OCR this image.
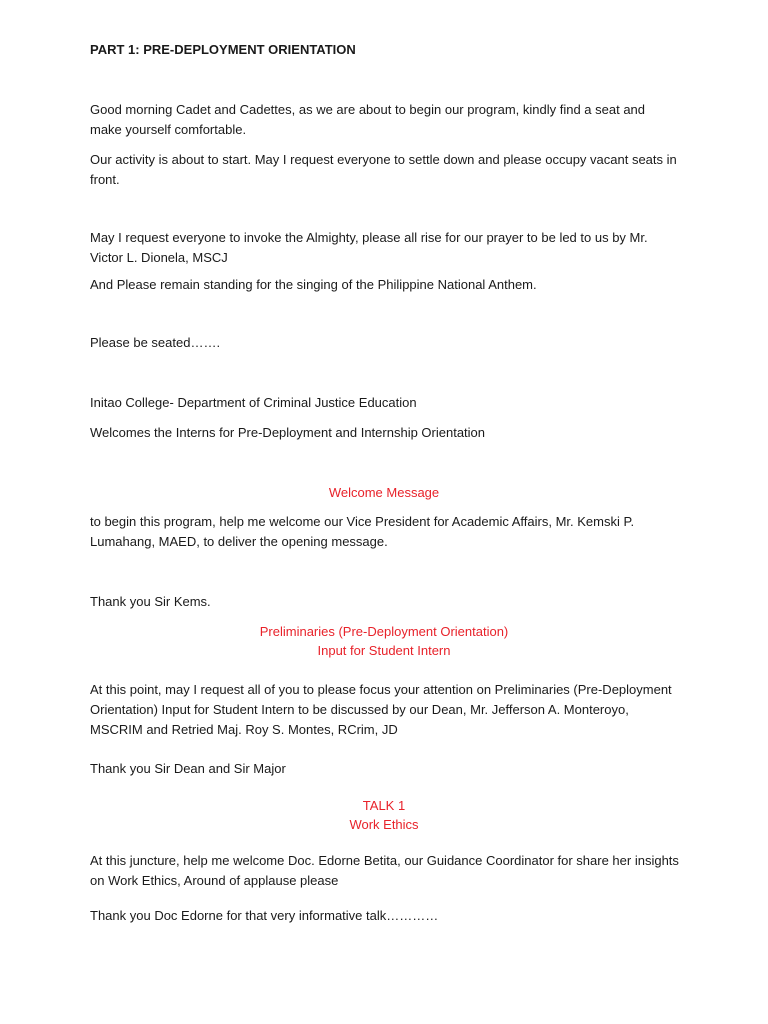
PART 1: PRE-DEPLOYMENT ORIENTATION

Good morning Cadet and Cadettes, as we are about to begin our program, kindly find a seat and make yourself comfortable.

Our activity is about to start. May I request everyone to settle down and please occupy vacant seats in front.

May I request everyone to invoke the Almighty, please all rise for our prayer to be led to us by Mr. Victor L. Dionela, MSCJ

And Please remain standing for the singing of the Philippine National Anthem.

Please be seated…….

Initao College- Department of Criminal Justice Education

Welcomes the Interns for Pre-Deployment and Internship Orientation

Welcome Message

to begin this program, help me welcome our Vice President for Academic Affairs, Mr. Kemski P. Lumahang, MAED, to deliver the opening message.

Thank you Sir Kems.

Preliminaries (Pre-Deployment Orientation)

Input for Student Intern

At this point, may I request all of you to please focus your attention on Preliminaries (Pre-Deployment Orientation) Input for Student Intern to be discussed by our Dean, Mr. Jefferson A. Monteroyo, MSCRIM and Retried Maj. Roy S. Montes, RCrim, JD

Thank you Sir Dean and Sir Major

TALK 1

Work Ethics

At this juncture, help me welcome Doc. Edorne Betita, our Guidance Coordinator for share her insights on Work Ethics, Around of applause please

Thank you Doc Edorne for that very informative talk…………
